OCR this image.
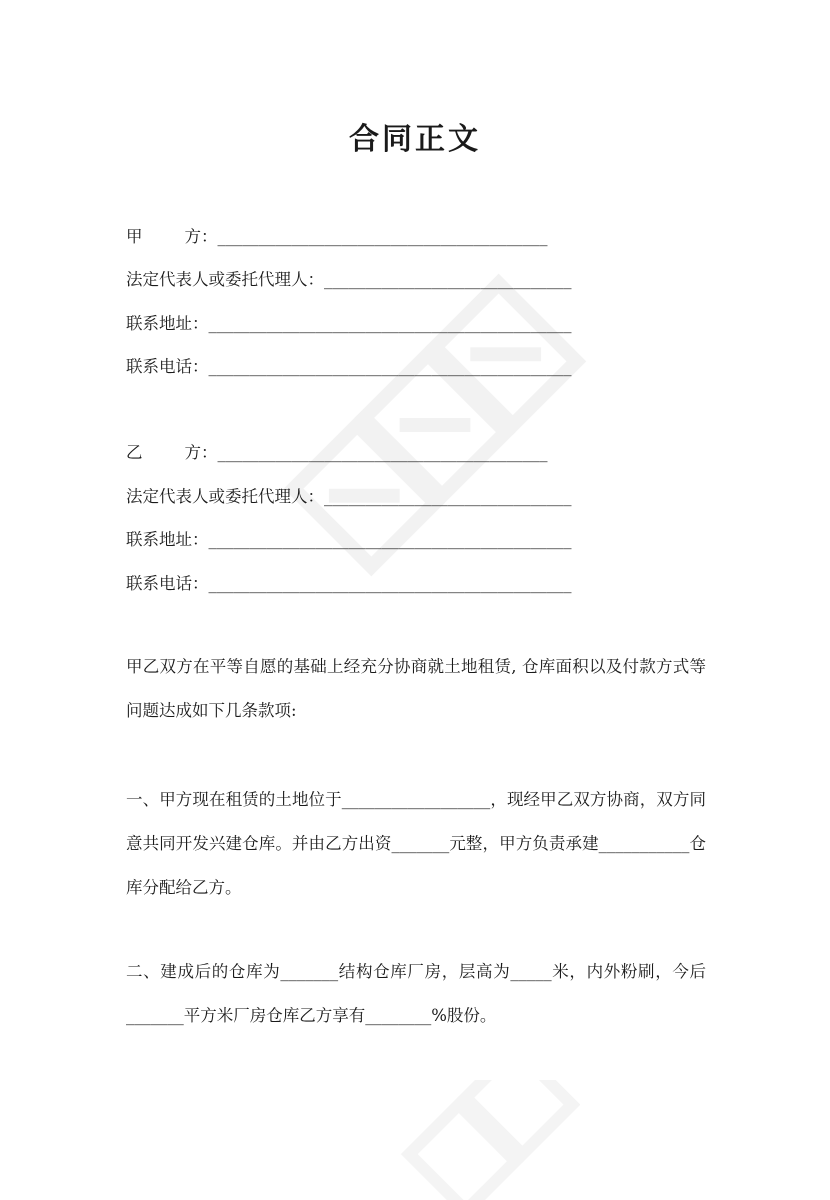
合同正文
甲        方：________________________________________
法定代表人或委托代理人：______________________________
联系地址：____________________________________________
联系电话：____________________________________________
乙        方：________________________________________
法定代表人或委托代理人：______________________________
联系地址：____________________________________________
联系电话：____________________________________________
甲乙双方在平等自愿的基础上经充分协商就土地租赁, 仓库面积以及付款方式等问题达成如下几条款项:
一、甲方现在租赁的土地位于__________________，现经甲乙双方协商，双方同意共同开发兴建仓库。并由乙方出资_______元整，甲方负责承建___________仓库分配给乙方。
二、建成后的仓库为_______结构仓库厂房，层高为_____米，内外粉刷，今后_______平方米厂房仓库乙方享有________%股份。
